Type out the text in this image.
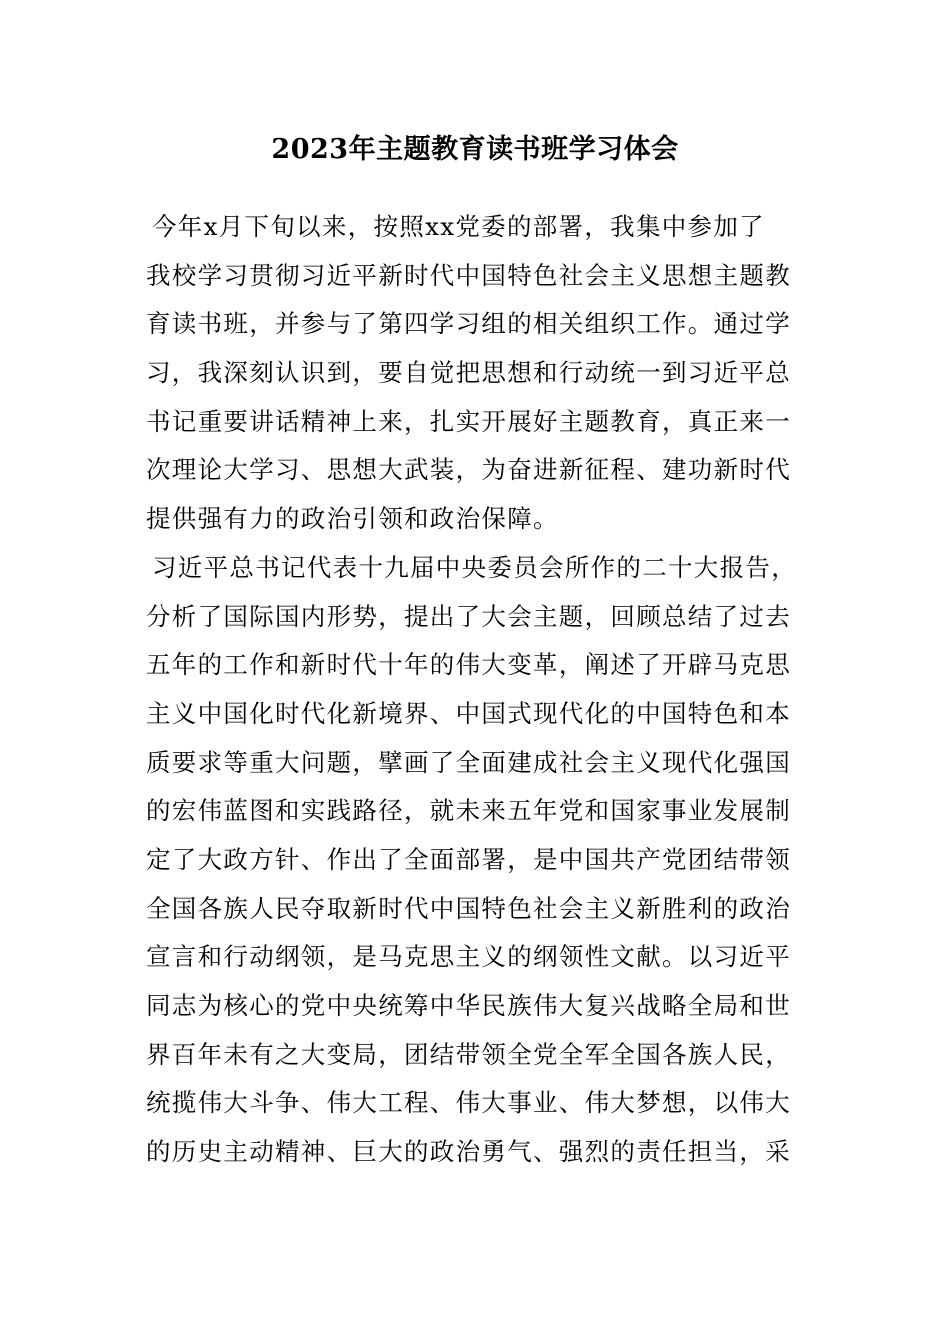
2023年主题教育读书班学习体会
今年x月下旬以来，按照xx党委的部署，我集中参加了
我校学习贯彻习近平新时代中国特色社会主义思想主题教
育读书班，并参与了第四学习组的相关组织工作。通过学
习，我深刻认识到，要自觉把思想和行动统一到习近平总
书记重要讲话精神上来，扎实开展好主题教育，真正来一
次理论大学习、思想大武装，为奋进新征程、建功新时代
提供强有力的政治引领和政治保障。
习近平总书记代表十九届中央委员会所作的二十大报告，
分析了国际国内形势，提出了大会主题，回顾总结了过去
五年的工作和新时代十年的伟大变革，阐述了开辟马克思
主义中国化时代化新境界、中国式现代化的中国特色和本
质要求等重大问题，擘画了全面建成社会主义现代化强国
的宏伟蓝图和实践路径，就未来五年党和国家事业发展制
定了大政方针、作出了全面部署，是中国共产党团结带领
全国各族人民夺取新时代中国特色社会主义新胜利的政治
宣言和行动纲领，是马克思主义的纲领性文献。以习近平
同志为核心的党中央统筹中华民族伟大复兴战略全局和世
界百年未有之大变局，团结带领全党全军全国各族人民，
统揽伟大斗争、伟大工程、伟大事业、伟大梦想，以伟大
的历史主动精神、巨大的政治勇气、强烈的责任担当，采
